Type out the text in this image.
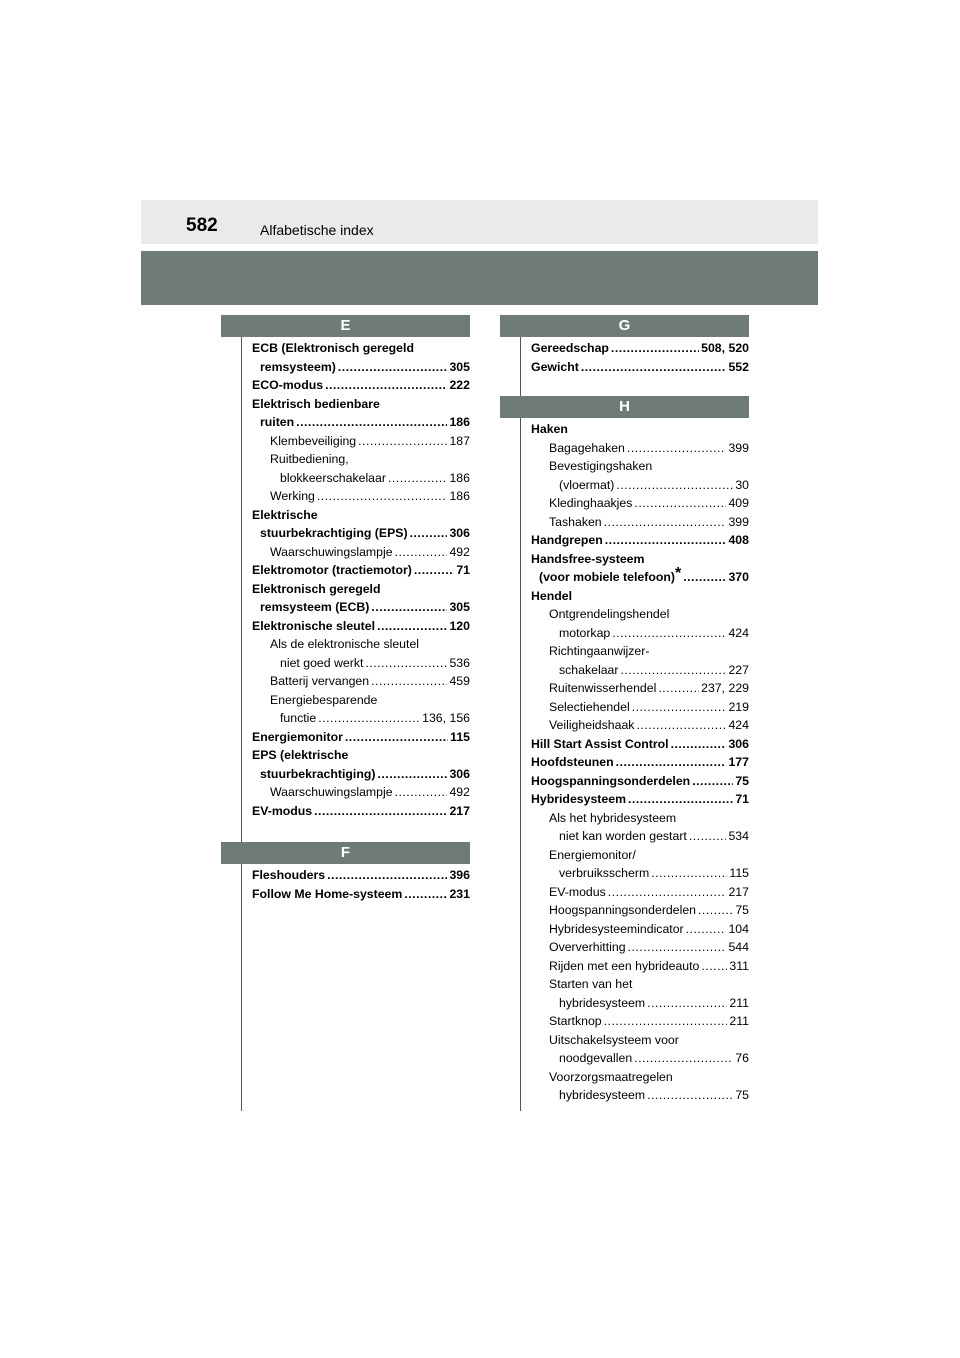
582	Alfabetische index
E
ECB (Elektronisch geregeld
remsysteem) .....	305
ECO-modus .....	222
Elektrisch bedienbare
ruiten .....	186
Klembeveiliging .....	187
Ruitbediening,
blokkeerschakelaar .....	186
Werking .....	186
Elektrische
stuurbekrachtiging (EPS) .....	306
Waarschuwingslampje .....	492
Elektromotor (tractiemotor) .....	71
Elektronisch geregeld
remsysteem (ECB) .....	305
Elektronische sleutel .....	120
Als de elektronische sleutel
niet goed werkt .....	536
Batterij vervangen .....	459
Energiebesparende
functie .....	136, 156
Energiemonitor .....	115
EPS (elektrische
stuurbekrachtiging) .....	306
Waarschuwingslampje .....	492
EV-modus .....	217
F
Fleshouders .....	396
Follow Me Home-systeem .....	231
G
Gereedschap .....	508, 520
Gewicht .....	552
H
Haken
Bagagehaken .....	399
Bevestigingshaken
(vloermat) .....	30
Kledinghaakjes .....	409
Tashaken .....	399
Handgrepen .....	408
Handsfree-systeem
(voor mobiele telefoon)* .....	370
Hendel
Ontgrendelingshendel
motorkap .....	424
Richtingaanwijzer-
schakelaar .....	227
Ruitenwisserhendel .....	237, 229
Selectiehendel .....	219
Veiligheidshaak .....	424
Hill Start Assist Control .....	306
Hoofdsteunen .....	177
Hoogspanningsonderdelen .....	75
Hybridesysteem .....	71
Als het hybridesysteem
niet kan worden gestart .....	534
Energiemonitor/
verbruiksscherm .....	115
EV-modus .....	217
Hoogspanningsonderdelen .....	75
Hybridesysteemindicator .....	104
Oververhitting .....	544
Rijden met een hybrideauto ..... 311
Starten van het
hybridesysteem .....	211
Startknop .....	211
Uitschakelsysteem voor
noodgevallen .....	76
Voorzorgsmaatregelen
hybridesysteem .....	75
